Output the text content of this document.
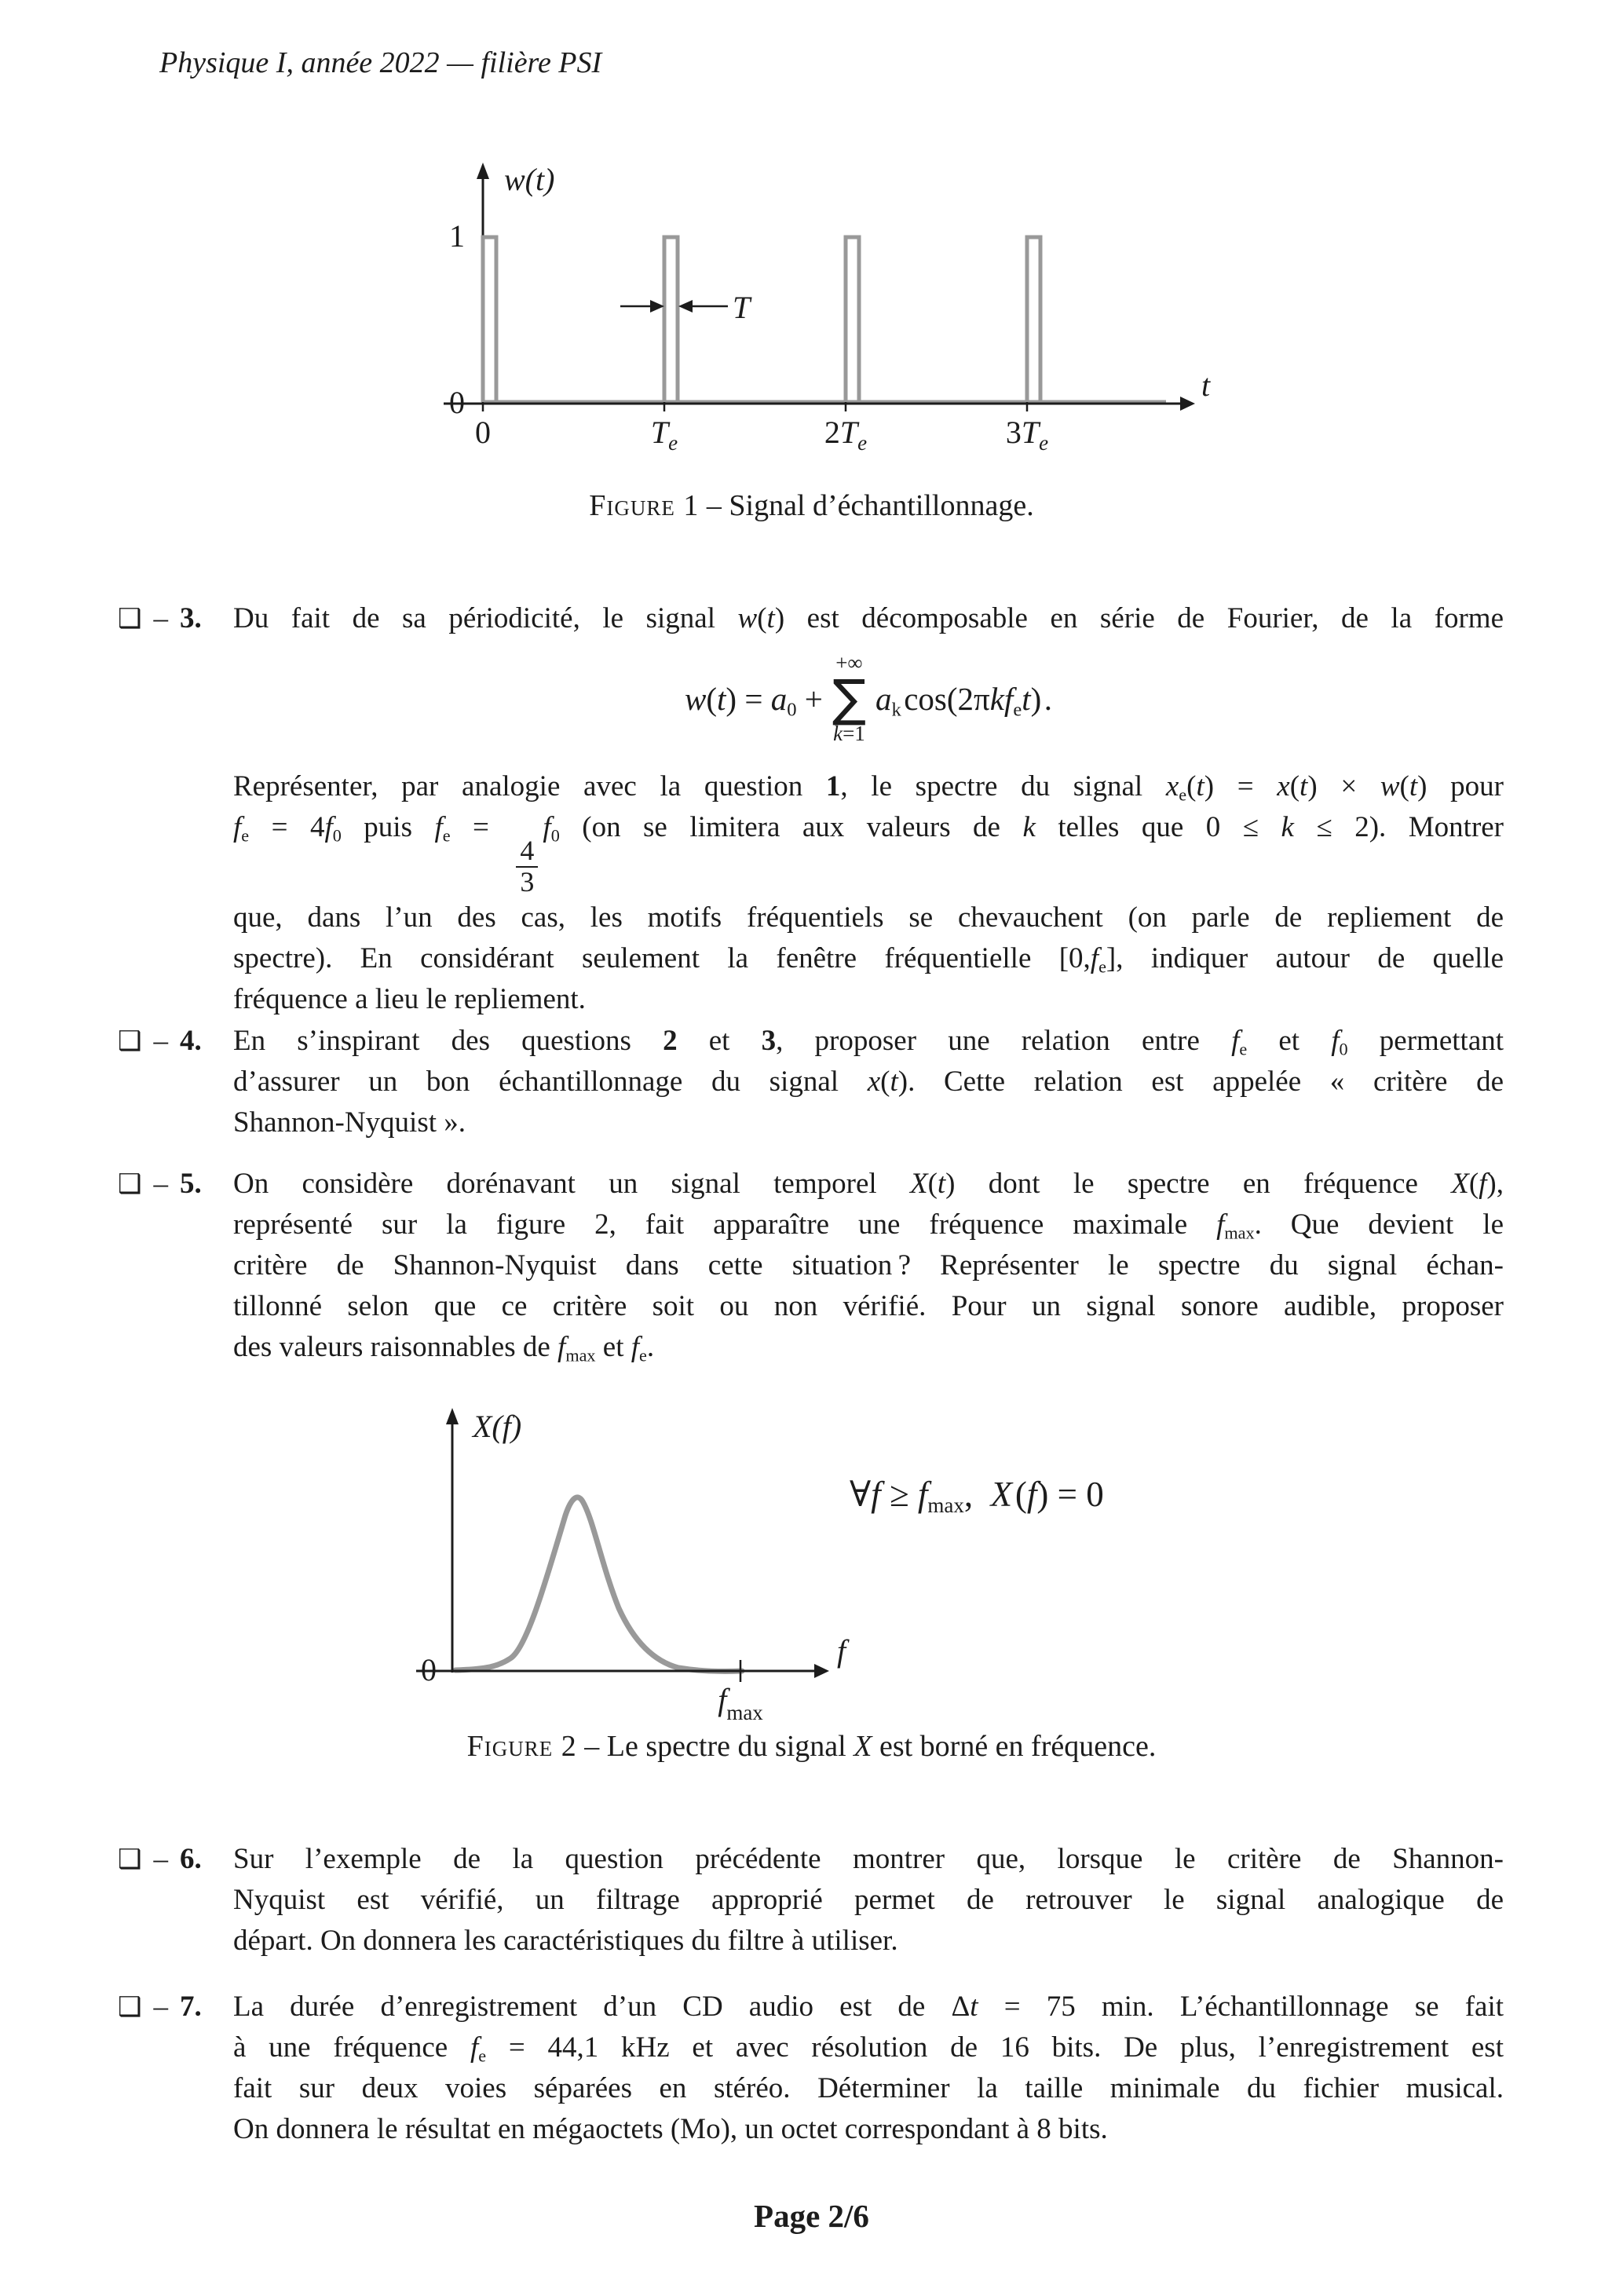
Physique I, année 2022 — filière PSI
w(t)
t
1
0
0	$T_e$	$2T_e$	$3T_e$
T
Figure 1 – Signal d’échantillonnage.
❑ – 3. Du fait de sa périodicité, le signal w(t) est décomposable en série de Fourier, de la forme
$w(t) = a_0$ +
+∞
∑
k=1
$a_k$ cos(2πkf$_e$t) .
Représenter, par analogie avec la question 1, le spectre du signal $x_e(t) = x(t) \times w(t)$ pour
$f_e = 4f_0$ puis $f_e$ =
$\frac{4}{3}$
$f_0$ (on se limitera aux valeurs de k telles que 0 ≤ k ≤ 2). Montrer
que, dans l’un des cas, les motifs fréquentiels se chevauchent (on parle de repliement de
spectre). En considérant seulement la fenêtre fréquentielle $[0,f_e]$, indiquer autour de quelle
fréquence a lieu le repliement.
❑ – 4. En s’inspirant des questions 2 et 3, proposer une relation entre $f_e$ et $f_0$ permettant
d’assurer un bon échantillonnage du signal x(t). Cette relation est appelée « critère de
Shannon-Nyquist ».
❑ – 5. On considère dorénavant un signal temporel X(t) dont le spectre en fréquence X(f),
représenté sur la figure 2, fait apparaître une fréquence maximale $f_{max}$. Que devient le
critère de Shannon-Nyquist dans cette situation ? Représenter le spectre du signal échan-
tillonné selon que ce critère soit ou non vérifié. Pour un signal sonore audible, proposer
des valeurs raisonnables de $f_{max}$ et $f_e$.
X(f)
f
0
$f_{max}$
∀f ≥ $f_{max}$, X (f) = 0
Figure 2 – Le spectre du signal X est borné en fréquence.
❑ – 6. Sur l’exemple de la question précédente montrer que, lorsque le critère de Shannon-
Nyquist est vérifié, un filtrage approprié permet de retrouver le signal analogique de
départ. On donnera les caractéristiques du filtre à utiliser.
❑ – 7. La durée d’enregistrement d’un CD audio est de Δt = 75 min. L’échantillonnage se fait
à une fréquence $f_e = 44,1$ kHz et avec résolution de 16 bits. De plus, l’enregistrement est
fait sur deux voies séparées en stéréo. Déterminer la taille minimale du fichier musical.
On donnera le résultat en mégaoctets (Mo), un octet correspondant à 8 bits.
Page 2/6
